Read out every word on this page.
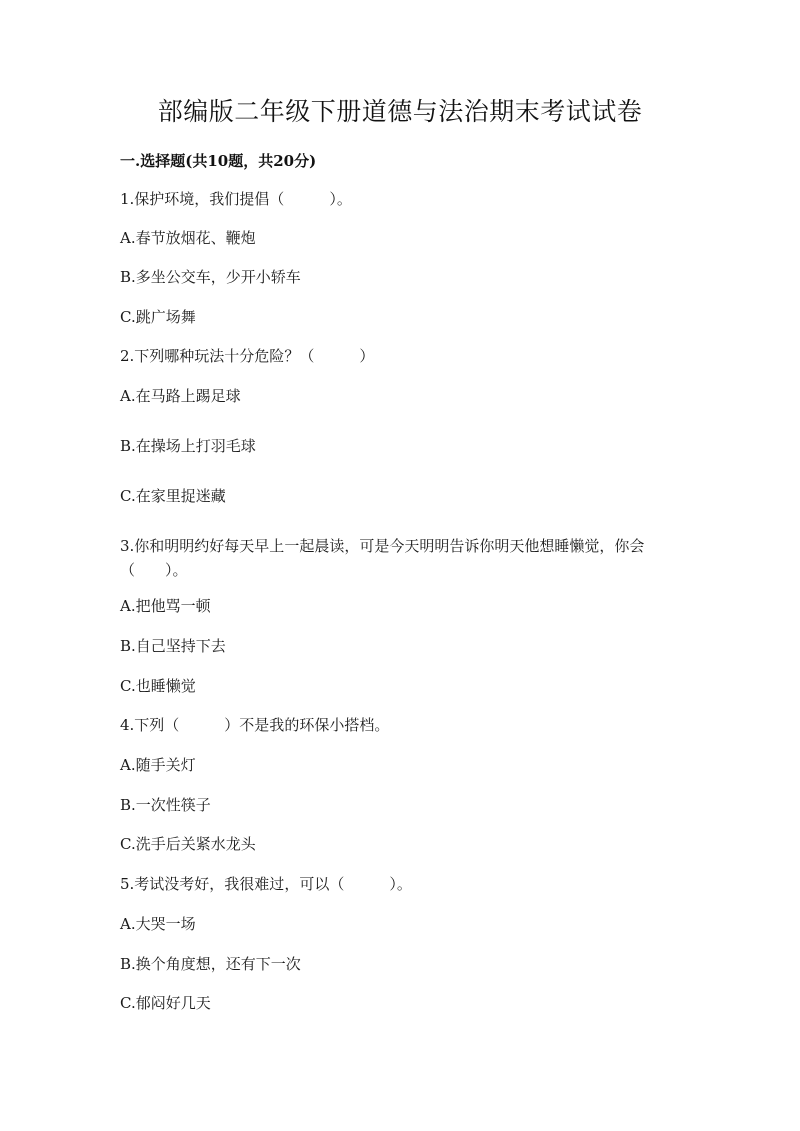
部编版二年级下册道德与法治期末考试试卷
一.选择题(共10题，共20分)
1.保护环境，我们提倡（　　　）。
A.春节放烟花、鞭炮
B.多坐公交车，少开小轿车
C.跳广场舞
2.下列哪种玩法十分危险？（　　　）
A.在马路上踢足球
B.在操场上打羽毛球
C.在家里捉迷藏
3.你和明明约好每天早上一起晨读，可是今天明明告诉你明天他想睡懒觉，你会（　　）。
A.把他骂一顿
B.自己坚持下去
C.也睡懒觉
4.下列（　　　）不是我的环保小搭档。
A.随手关灯
B.一次性筷子
C.洗手后关紧水龙头
5.考试没考好，我很难过，可以（　　　）。
A.大哭一场
B.换个角度想，还有下一次
C.郁闷好几天
